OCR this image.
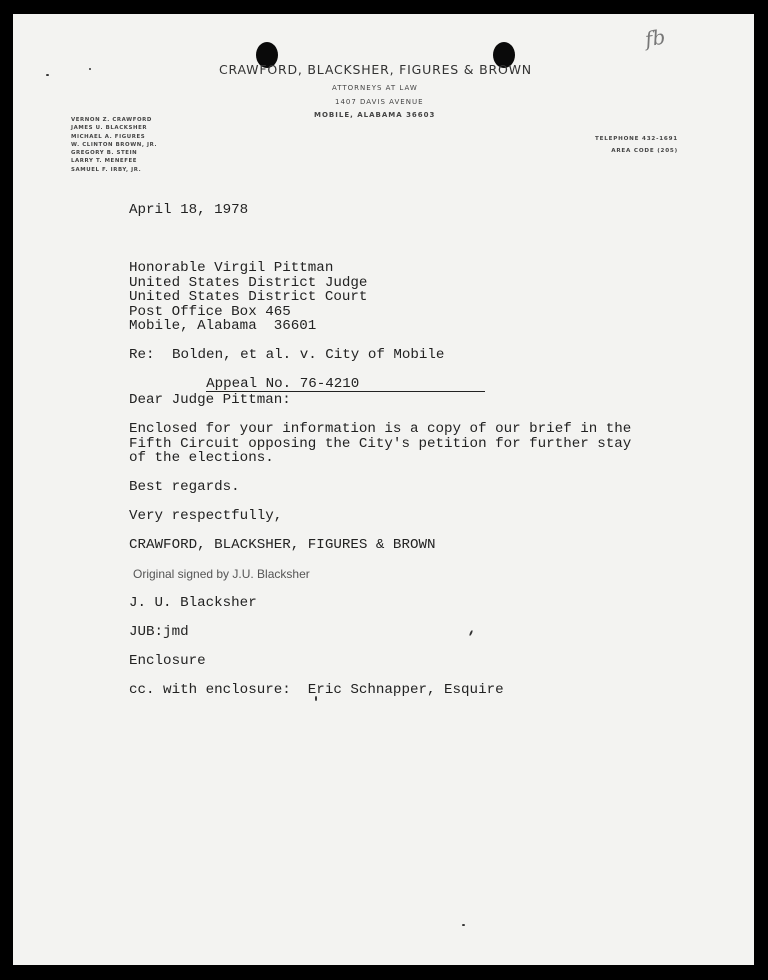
fb
CRAWFORD, BLACKSHER, FIGURES & BROWN
ATTORNEYS AT LAW
1407 DAVIS AVENUE
MOBILE, ALABAMA 36603
VERNON Z. CRAWFORD
JAMES U. BLACKSHER
MICHAEL A. FIGURES
W. CLINTON BROWN, JR.
GREGORY B. STEIN
LARRY T. MENEFEE
SAMUEL F. IRBY, JR.
TELEPHONE 432-1691
AREA CODE (205)
April 18, 1978
Honorable Virgil Pittman
United States District Judge
United States District Court
Post Office Box 465
Mobile, Alabama  36601
Re: Bolden, et al. v. City of Mobile

Appeal No. 76-4210

Dear Judge Pittman:
Enclosed for your information is a copy of our brief in the
Fifth Circuit opposing the City's petition for further stay
of the elections.
Best regards.
Very respectfully,
CRAWFORD, BLACKSHER, FIGURES & BROWN
Original signed by J.U. Blacksher
J. U. Blacksher
JUB:jmd
Enclosure
cc. with enclosure:  Eric Schnapper, Esquire
